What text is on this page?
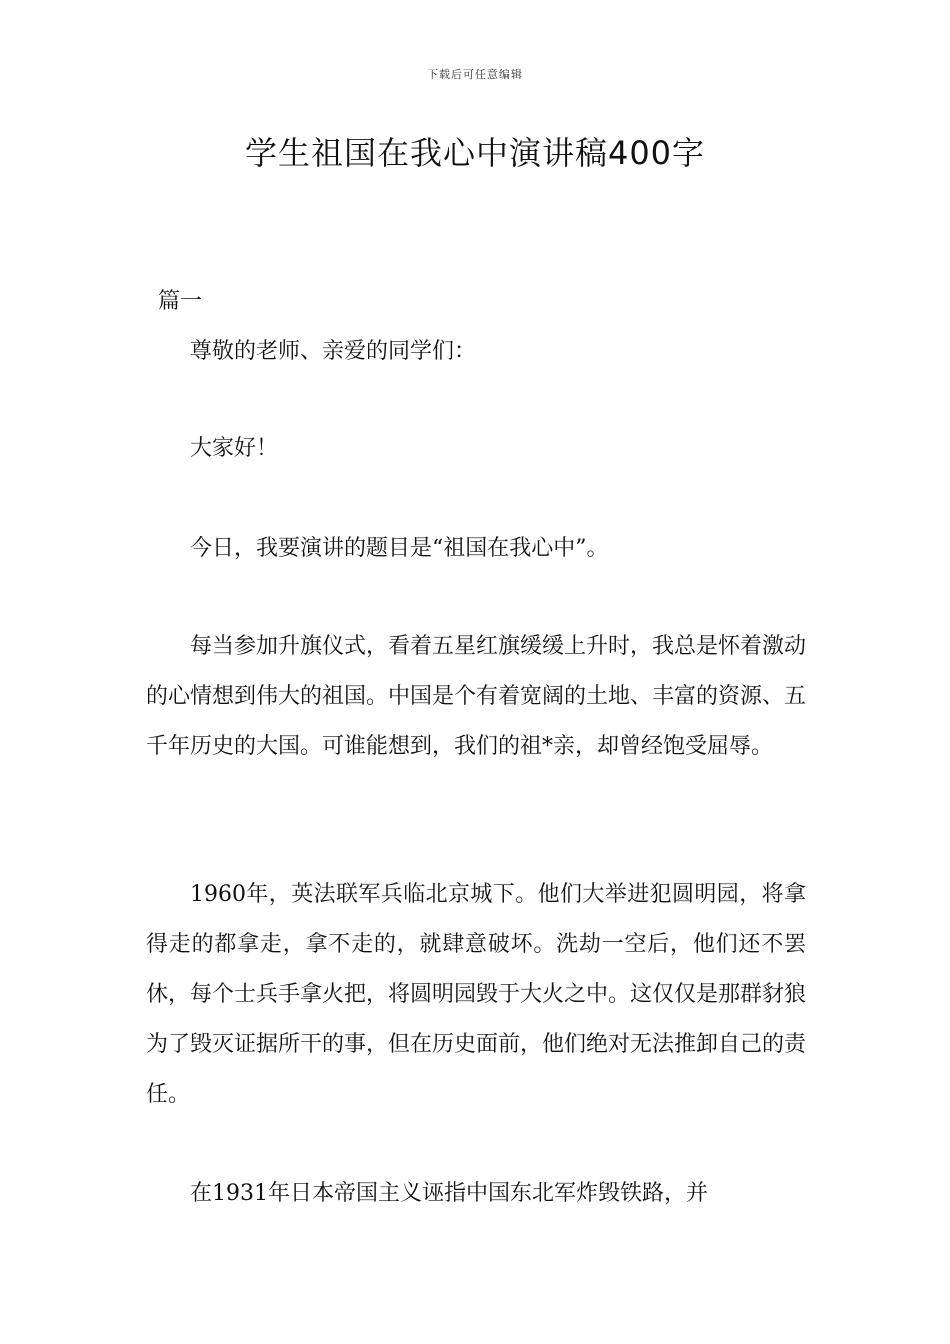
下载后可任意编辑
学生祖国在我心中演讲稿400字
篇一

尊敬的老师、亲爱的同学们：

大家好！

今日，我要演讲的题目是“祖国在我心中”。

每当参加升旗仪式，看着五星红旗缓缓上升时，我总是怀着激动的心情想到伟大的祖国。中国是个有着宽阔的土地、丰富的资源、五千年历史的大国。可谁能想到，我们的祖*亲，却曾经饱受屈辱。

1960年，英法联军兵临北京城下。他们大举进犯圆明园，将拿得走的都拿走，拿不走的，就肆意破坏。洗劫一空后，他们还不罢休，每个士兵手拿火把，将圆明园毁于大火之中。这仅仅是那群豺狼为了毁灭证据所干的事，但在历史面前，他们绝对无法推卸自己的责任。

在1931年日本帝国主义诬指中国东北军炸毁铁路，并
